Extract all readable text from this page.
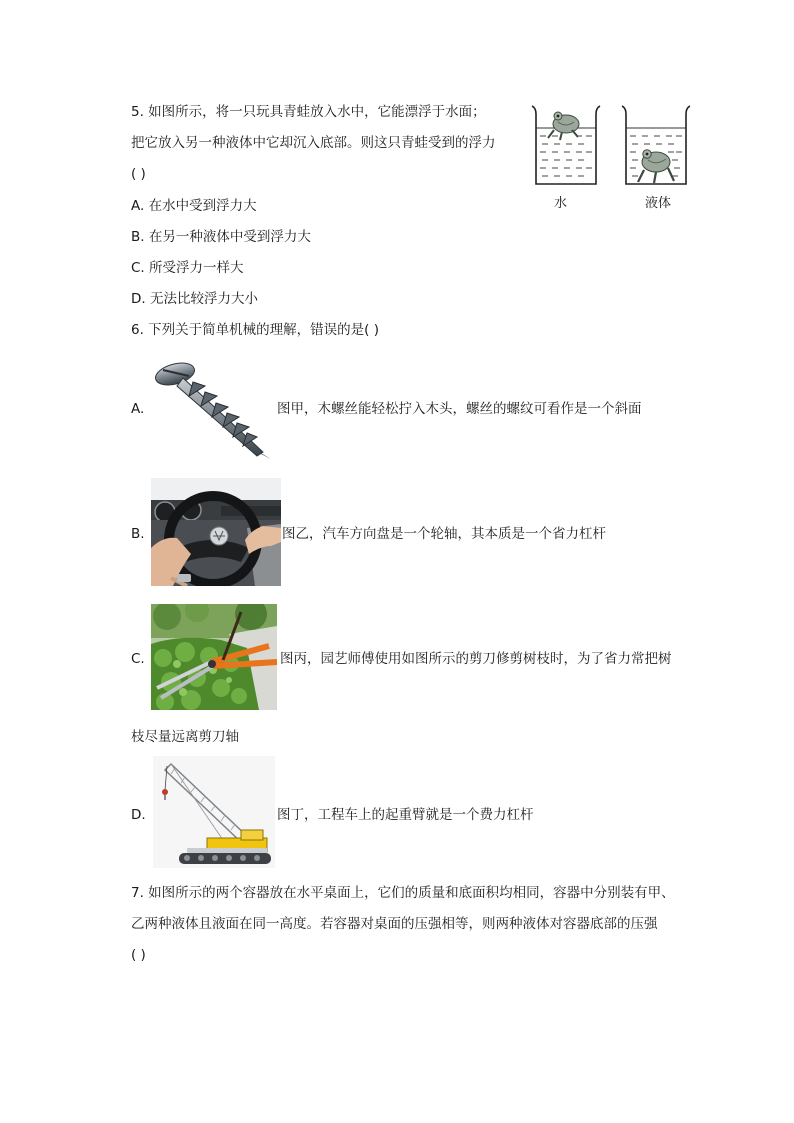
5. 如图所示，将一只玩具青蛙放入水中，它能漂浮于水面；
把它放入另一种液体中它却沉入底部。则这只青蛙受到的浮力
( )
A. 在水中受到浮力大
B. 在另一种液体中受到浮力大
C. 所受浮力一样大
D. 无法比较浮力大小
水	液体
6. 下列关于简单机械的理解，错误的是( )
A.	图甲，木螺丝能轻松拧入木头，螺丝的螺纹可看作是一个斜面
B.	图乙，汽车方向盘是一个轮轴，其本质是一个省力杠杆
C.	图丙，园艺师傅使用如图所示的剪刀修剪树枝时，为了省力常把树
枝尽量远离剪刀轴
D.	图丁，工程车上的起重臂就是一个费力杠杆
7. 如图所示的两个容器放在水平桌面上，它们的质量和底面积均相同，容器中分别装有甲、
乙两种液体且液面在同一高度。若容器对桌面的压强相等，则两种液体对容器底部的压强
( )
